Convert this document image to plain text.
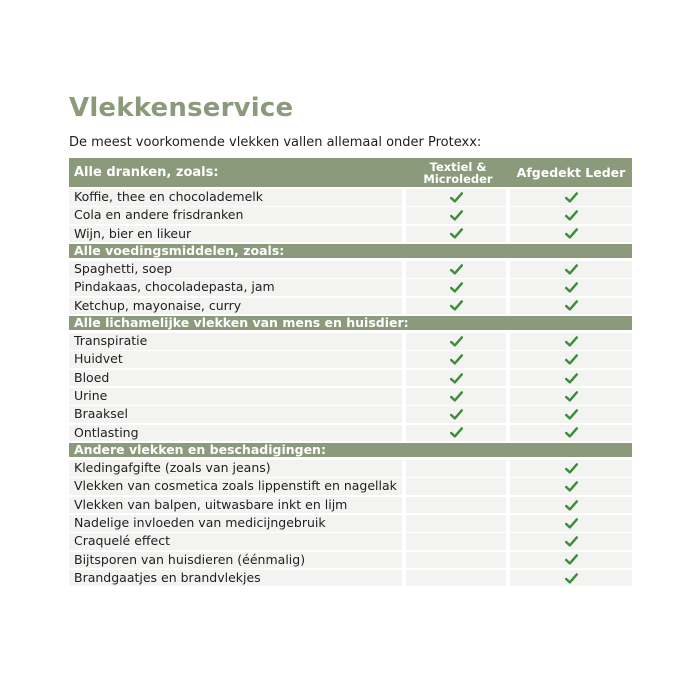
Vlekkenservice

De meest voorkomende vlekken vallen allemaal onder Protexx:

Alle dranken, zoals:	Textiel & Microleder	Afgedekt Leder
Koffie, thee en chocolademelk
Cola en andere frisdranken
Wijn, bier en likeur
Alle voedingsmiddelen, zoals:
Spaghetti, soep
Pindakaas, chocoladepasta, jam
Ketchup, mayonaise, curry
Alle lichamelijke vlekken van mens en huisdier:
Transpiratie
Huidvet
Bloed
Urine
Braaksel
Ontlasting
Andere vlekken en beschadigingen:
Kledingafgifte (zoals van jeans)
Vlekken van cosmetica zoals lippenstift en nagellak
Vlekken van balpen, uitwasbare inkt en lijm
Nadelige invloeden van medicijngebruik
Craquelé effect
Bijtsporen van huisdieren (éénmalig)
Brandgaatjes en brandvlekjes
